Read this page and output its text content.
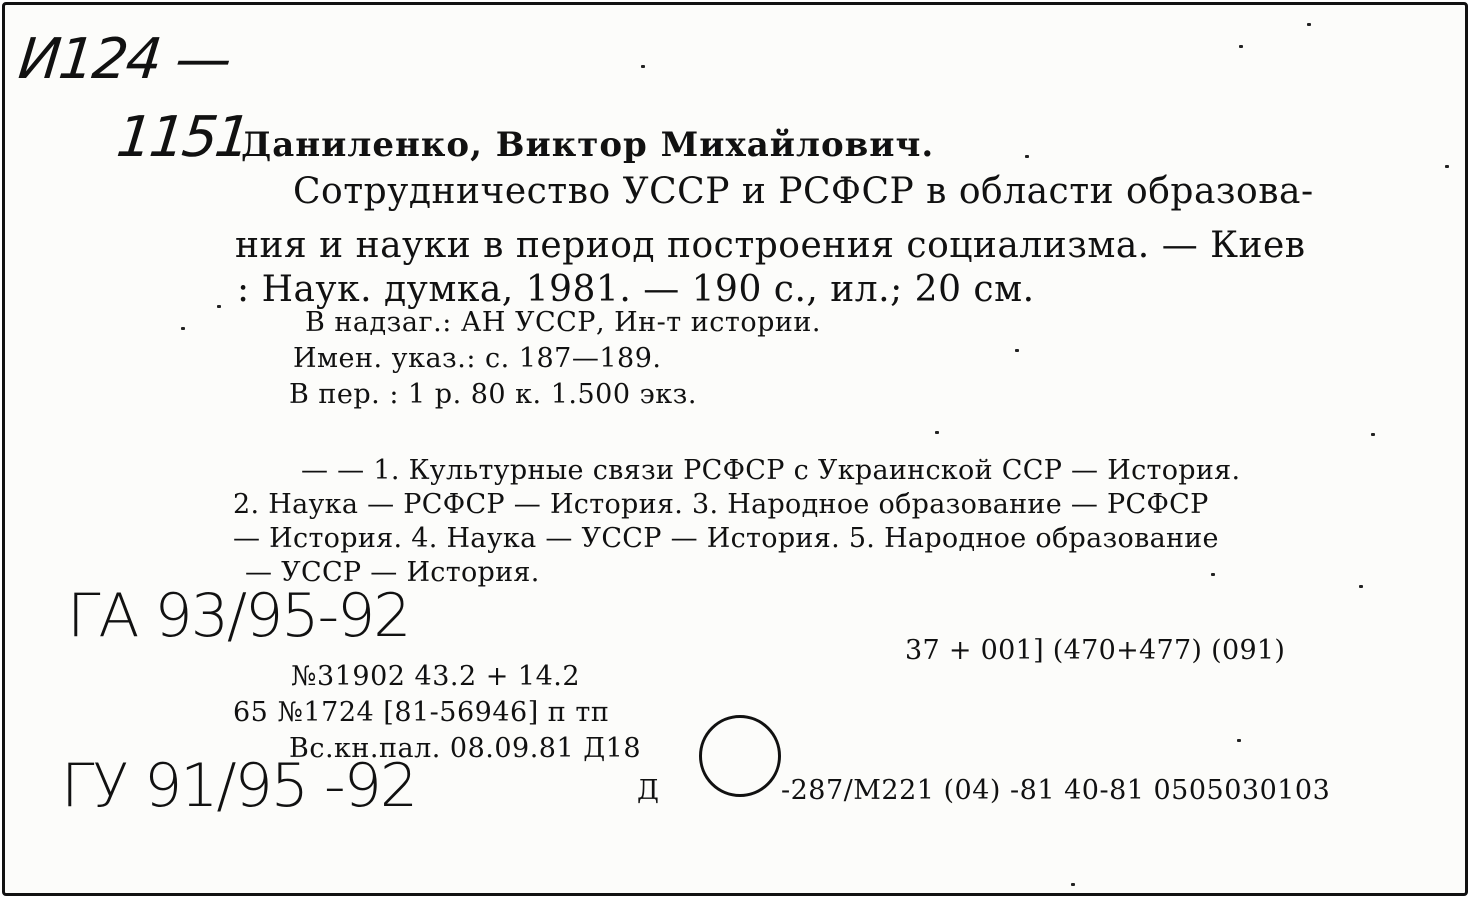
И124 —
1151
Даниленко, Виктор Михайлович.
Сотрудничество УССР и РСФСР в области образова-
ния и науки в период построения социализма. — Киев
: Наук. думка, 1981. — 190 с., ил.; 20 см.
В надзаг.: АН УССР, Ин-т истории.
Имен. указ.: с. 187—189.
В пер. : 1 р. 80 к. 1.500 экз.
— — 1. Культурные связи РСФСР с Украинской ССР — История.
2. Наука — РСФСР — История. 3. Народное образование — РСФСР
— История. 4. Наука — УССР — История. 5. Народное образование
— УССР — История.
ГА 93/95-92	37 + 001] (470+477) (091)
№31902 43.2 + 14.2
65 №1724 [81-56946] п тп
Вс.кн.пал. 08.09.81 Д18
ГУ 91/95 -92	Д	-287/М221 (04) -81 40-81 0505030103
